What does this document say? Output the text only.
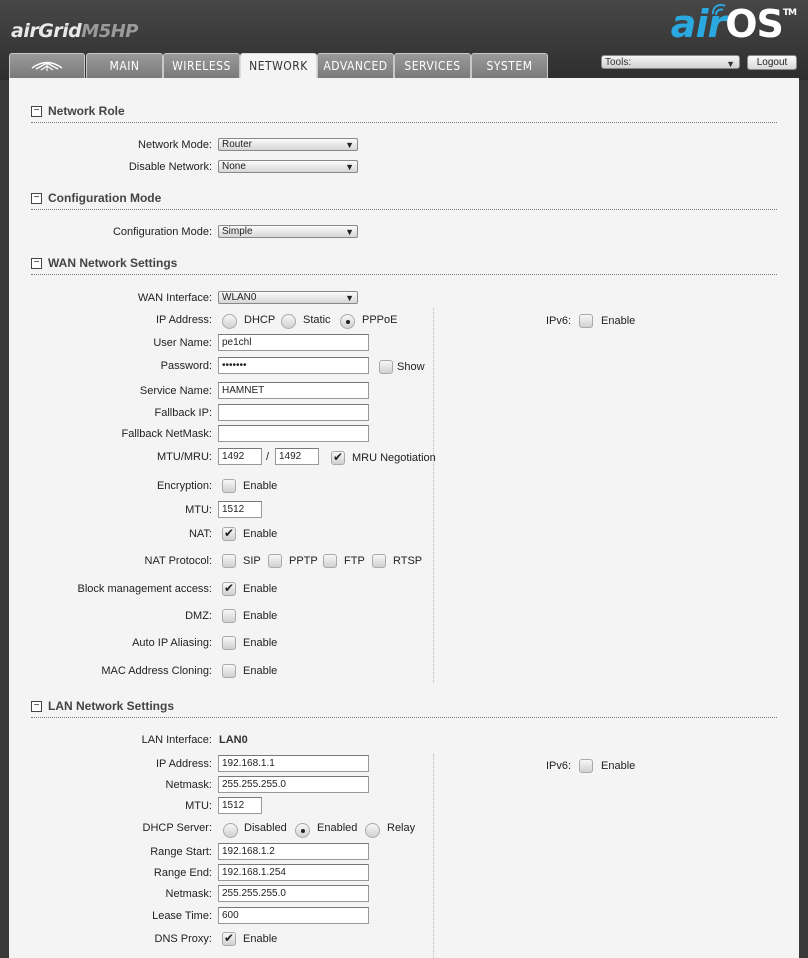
airGridM5HP	airOS™
MAIN	WIRELESS	NETWORK	ADVANCED	SERVICES	SYSTEM	Tools:	▼	Logout
− Network Role
Network Mode:	Router	▼
Disable Network:	None	▼
− Configuration Mode
Configuration Mode:	Simple	▼
− WAN Network Settings
WAN Interface:	WLAN0	▼
IP Address:	DHCP	Static	PPPoE	IPv6:	Enable
User Name:	pe1chl
Password:	•••••••	Show
Service Name:	HAMNET
Fallback IP:
Fallback NetMask:
MTU/MRU:	1492	/ 1492 ✔	MRU Negotiation
Encryption:	Enable
MTU:	1512
NAT: ✔	Enable
NAT Protocol:	SIP	PPTP FTP	RTSP
Block management access: ✔	Enable
DMZ:	Enable
Auto IP Aliasing:	Enable
MAC Address Cloning:	Enable
− LAN Network Settings
LAN Interface: LAN0
IP Address:	192.168.1.1	IPv6:	Enable
Netmask:	255.255.255.0
MTU:	1512
DHCP Server:	Disabled	Enabled	Relay
Range Start:	192.168.1.2
Range End:	192.168.1.254
Netmask:	255.255.255.0
Lease Time:	600
DNS Proxy: ✔	Enable
